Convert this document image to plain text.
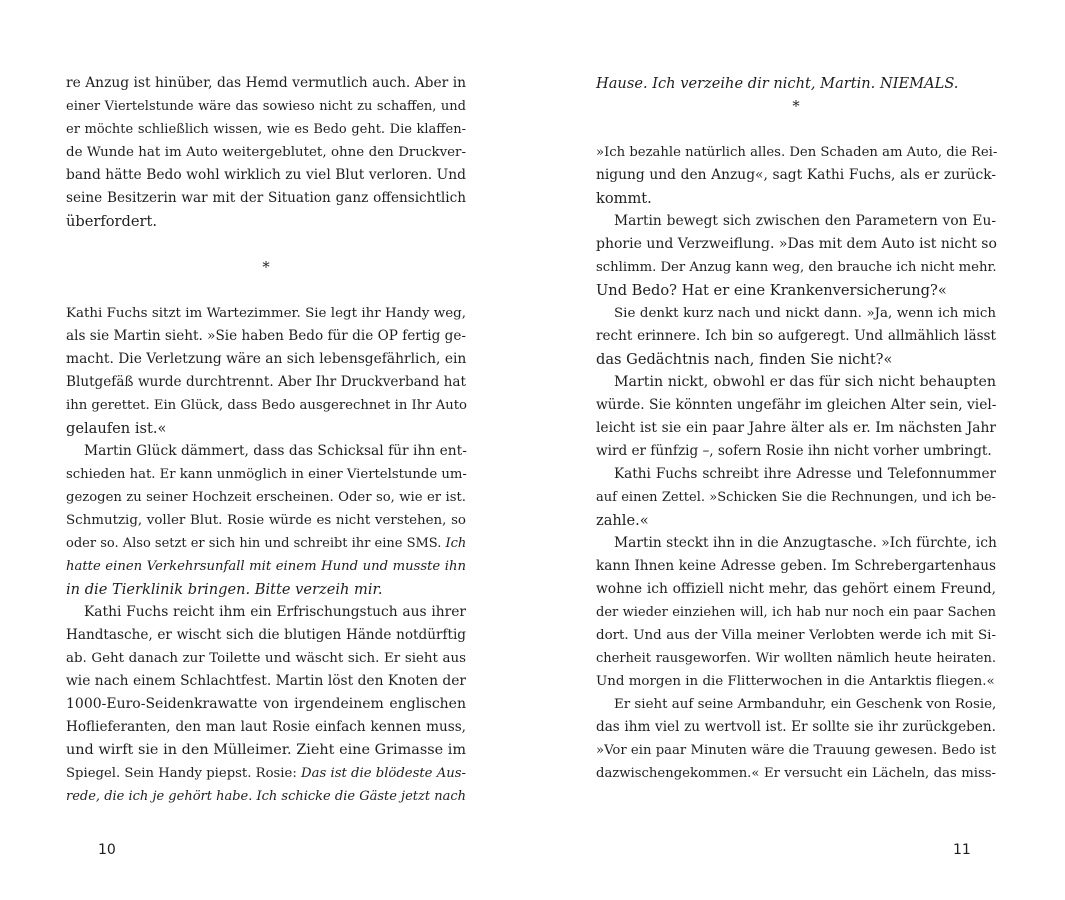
re Anzug ist hinüber, das Hemd vermutlich auch. Aber in
einer Viertelstunde wäre das sowieso nicht zu schaffen, und
er möchte schließlich wissen, wie es Bedo geht. Die klaffen-
de Wunde hat im Auto weitergeblutet, ohne den Druckver-
band hätte Bedo wohl wirklich zu viel Blut verloren. Und
seine Besitzerin war mit der Situation ganz offensichtlich
überfordert.
*
Kathi Fuchs sitzt im Wartezimmer. Sie legt ihr Handy weg,
als sie Martin sieht. »Sie haben Bedo für die OP fertig ge-
macht. Die Verletzung wäre an sich lebensgefährlich, ein
Blutgefäß wurde durchtrennt. Aber Ihr Druckverband hat
ihn gerettet. Ein Glück, dass Bedo ausgerechnet in Ihr Auto
gelaufen ist.«
Martin Glück dämmert, dass das Schicksal für ihn ent-
schieden hat. Er kann unmöglich in einer Viertelstunde um-
gezogen zu seiner Hochzeit erscheinen. Oder so, wie er ist.
Schmutzig, voller Blut. Rosie würde es nicht verstehen, so
oder so. Also setzt er sich hin und schreibt ihr eine SMS. Ich
hatte einen Verkehrsunfall mit einem Hund und musste ihn
in die Tierklinik bringen. Bitte verzeih mir.
Kathi Fuchs reicht ihm ein Erfrischungstuch aus ihrer
Handtasche, er wischt sich die blutigen Hände notdürftig
ab. Geht danach zur Toilette und wäscht sich. Er sieht aus
wie nach einem Schlachtfest. Martin löst den Knoten der
1000-Euro-Seidenkrawatte von irgendeinem englischen
Hoflieferanten, den man laut Rosie einfach kennen muss,
und wirft sie in den Mülleimer. Zieht eine Grimasse im
Spiegel. Sein Handy piepst. Rosie: Das ist die blödeste Aus-
rede, die ich je gehört habe. Ich schicke die Gäste jetzt nach
10
Hause. Ich verzeihe dir nicht, Martin. NIEMALS.
*
»Ich bezahle natürlich alles. Den Schaden am Auto, die Rei-
nigung und den Anzug«, sagt Kathi Fuchs, als er zurück-
kommt.
Martin bewegt sich zwischen den Parametern von Eu-
phorie und Verzweiflung. »Das mit dem Auto ist nicht so
schlimm. Der Anzug kann weg, den brauche ich nicht mehr.
Und Bedo? Hat er eine Krankenversicherung?«
Sie denkt kurz nach und nickt dann. »Ja, wenn ich mich
recht erinnere. Ich bin so aufgeregt. Und allmählich lässt
das Gedächtnis nach, finden Sie nicht?«
Martin nickt, obwohl er das für sich nicht behaupten
würde. Sie könnten ungefähr im gleichen Alter sein, viel-
leicht ist sie ein paar Jahre älter als er. Im nächsten Jahr
wird er fünfzig –, sofern Rosie ihn nicht vorher umbringt.
Kathi Fuchs schreibt ihre Adresse und Telefonnummer
auf einen Zettel. »Schicken Sie die Rechnungen, und ich be-
zahle.«
Martin steckt ihn in die Anzugtasche. »Ich fürchte, ich
kann Ihnen keine Adresse geben. Im Schrebergartenhaus
wohne ich offiziell nicht mehr, das gehört einem Freund,
der wieder einziehen will, ich hab nur noch ein paar Sachen
dort. Und aus der Villa meiner Verlobten werde ich mit Si-
cherheit rausgeworfen. Wir wollten nämlich heute heiraten.
Und morgen in die Flitterwochen in die Antarktis fliegen.«
Er sieht auf seine Armbanduhr, ein Geschenk von Rosie,
das ihm viel zu wertvoll ist. Er sollte sie ihr zurückgeben.
»Vor ein paar Minuten wäre die Trauung gewesen. Bedo ist
dazwischengekommen.« Er versucht ein Lächeln, das miss-
11
